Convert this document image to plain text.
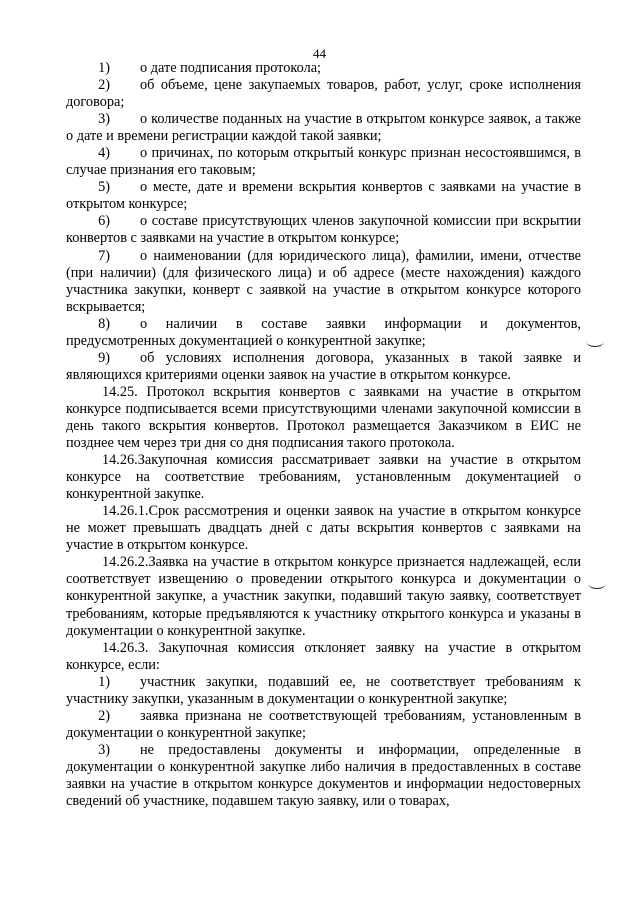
44

1) о дате подписания протокола;

2) об объеме, цене закупаемых товаров, работ, услуг, сроке исполнения договора;

3) о количестве поданных на участие в открытом конкурсе заявок, а также о дате и времени регистрации каждой такой заявки;

4) о причинах, по которым открытый конкурс признан несостоявшимся, в случае признания его таковым;

5) о месте, дате и времени вскрытия конвертов с заявками на участие в открытом конкурсе;

6) о составе присутствующих членов закупочной комиссии при вскрытии конвертов с заявками на участие в открытом конкурсе;

7) о наименовании (для юридического лица), фамилии, имени, отчестве (при наличии) (для физического лица) и об адресе (месте нахождения) каждого участника закупки, конверт с заявкой на участие в открытом конкурсе которого вскрывается;

8) о наличии в составе заявки информации и документов, предусмотренных документацией о конкурентной закупке;

9) об условиях исполнения договора, указанных в такой заявке и являющихся критериями оценки заявок на участие в открытом конкурсе.

14.25. Протокол вскрытия конвертов с заявками на участие в открытом конкурсе подписывается всеми присутствующими членами закупочной комиссии в день такого вскрытия конвертов. Протокол размещается Заказчиком в ЕИС не позднее чем через три дня со дня подписания такого протокола.

14.26.Закупочная комиссия рассматривает заявки на участие в открытом конкурсе на соответствие требованиям, установленным документацией о конкурентной закупке.

14.26.1.Срок рассмотрения и оценки заявок на участие в открытом конкурсе не может превышать двадцать дней с даты вскрытия конвертов с заявками на участие в открытом конкурсе.

14.26.2.Заявка на участие в открытом конкурсе признается надлежащей, если соответствует извещению о проведении открытого конкурса и документации о конкурентной закупке, а участник закупки, подавший такую заявку, соответствует требованиям, которые предъявляются к участнику открытого конкурса и указаны в документации о конкурентной закупке.

14.26.3. Закупочная комиссия отклоняет заявку на участие в открытом конкурсе, если:

1) участник закупки, подавший ее, не соответствует требованиям к участнику закупки, указанным в документации о конкурентной закупке;

2) заявка признана не соответствующей требованиям, установленным в документации о конкурентной закупке;

3) не предоставлены документы и информации, определенные в документации о конкурентной закупке либо наличия в предоставленных в составе заявки на участие в открытом конкурсе документов и информации недостоверных сведений об участнике, подавшем такую заявку, или о товарах,
